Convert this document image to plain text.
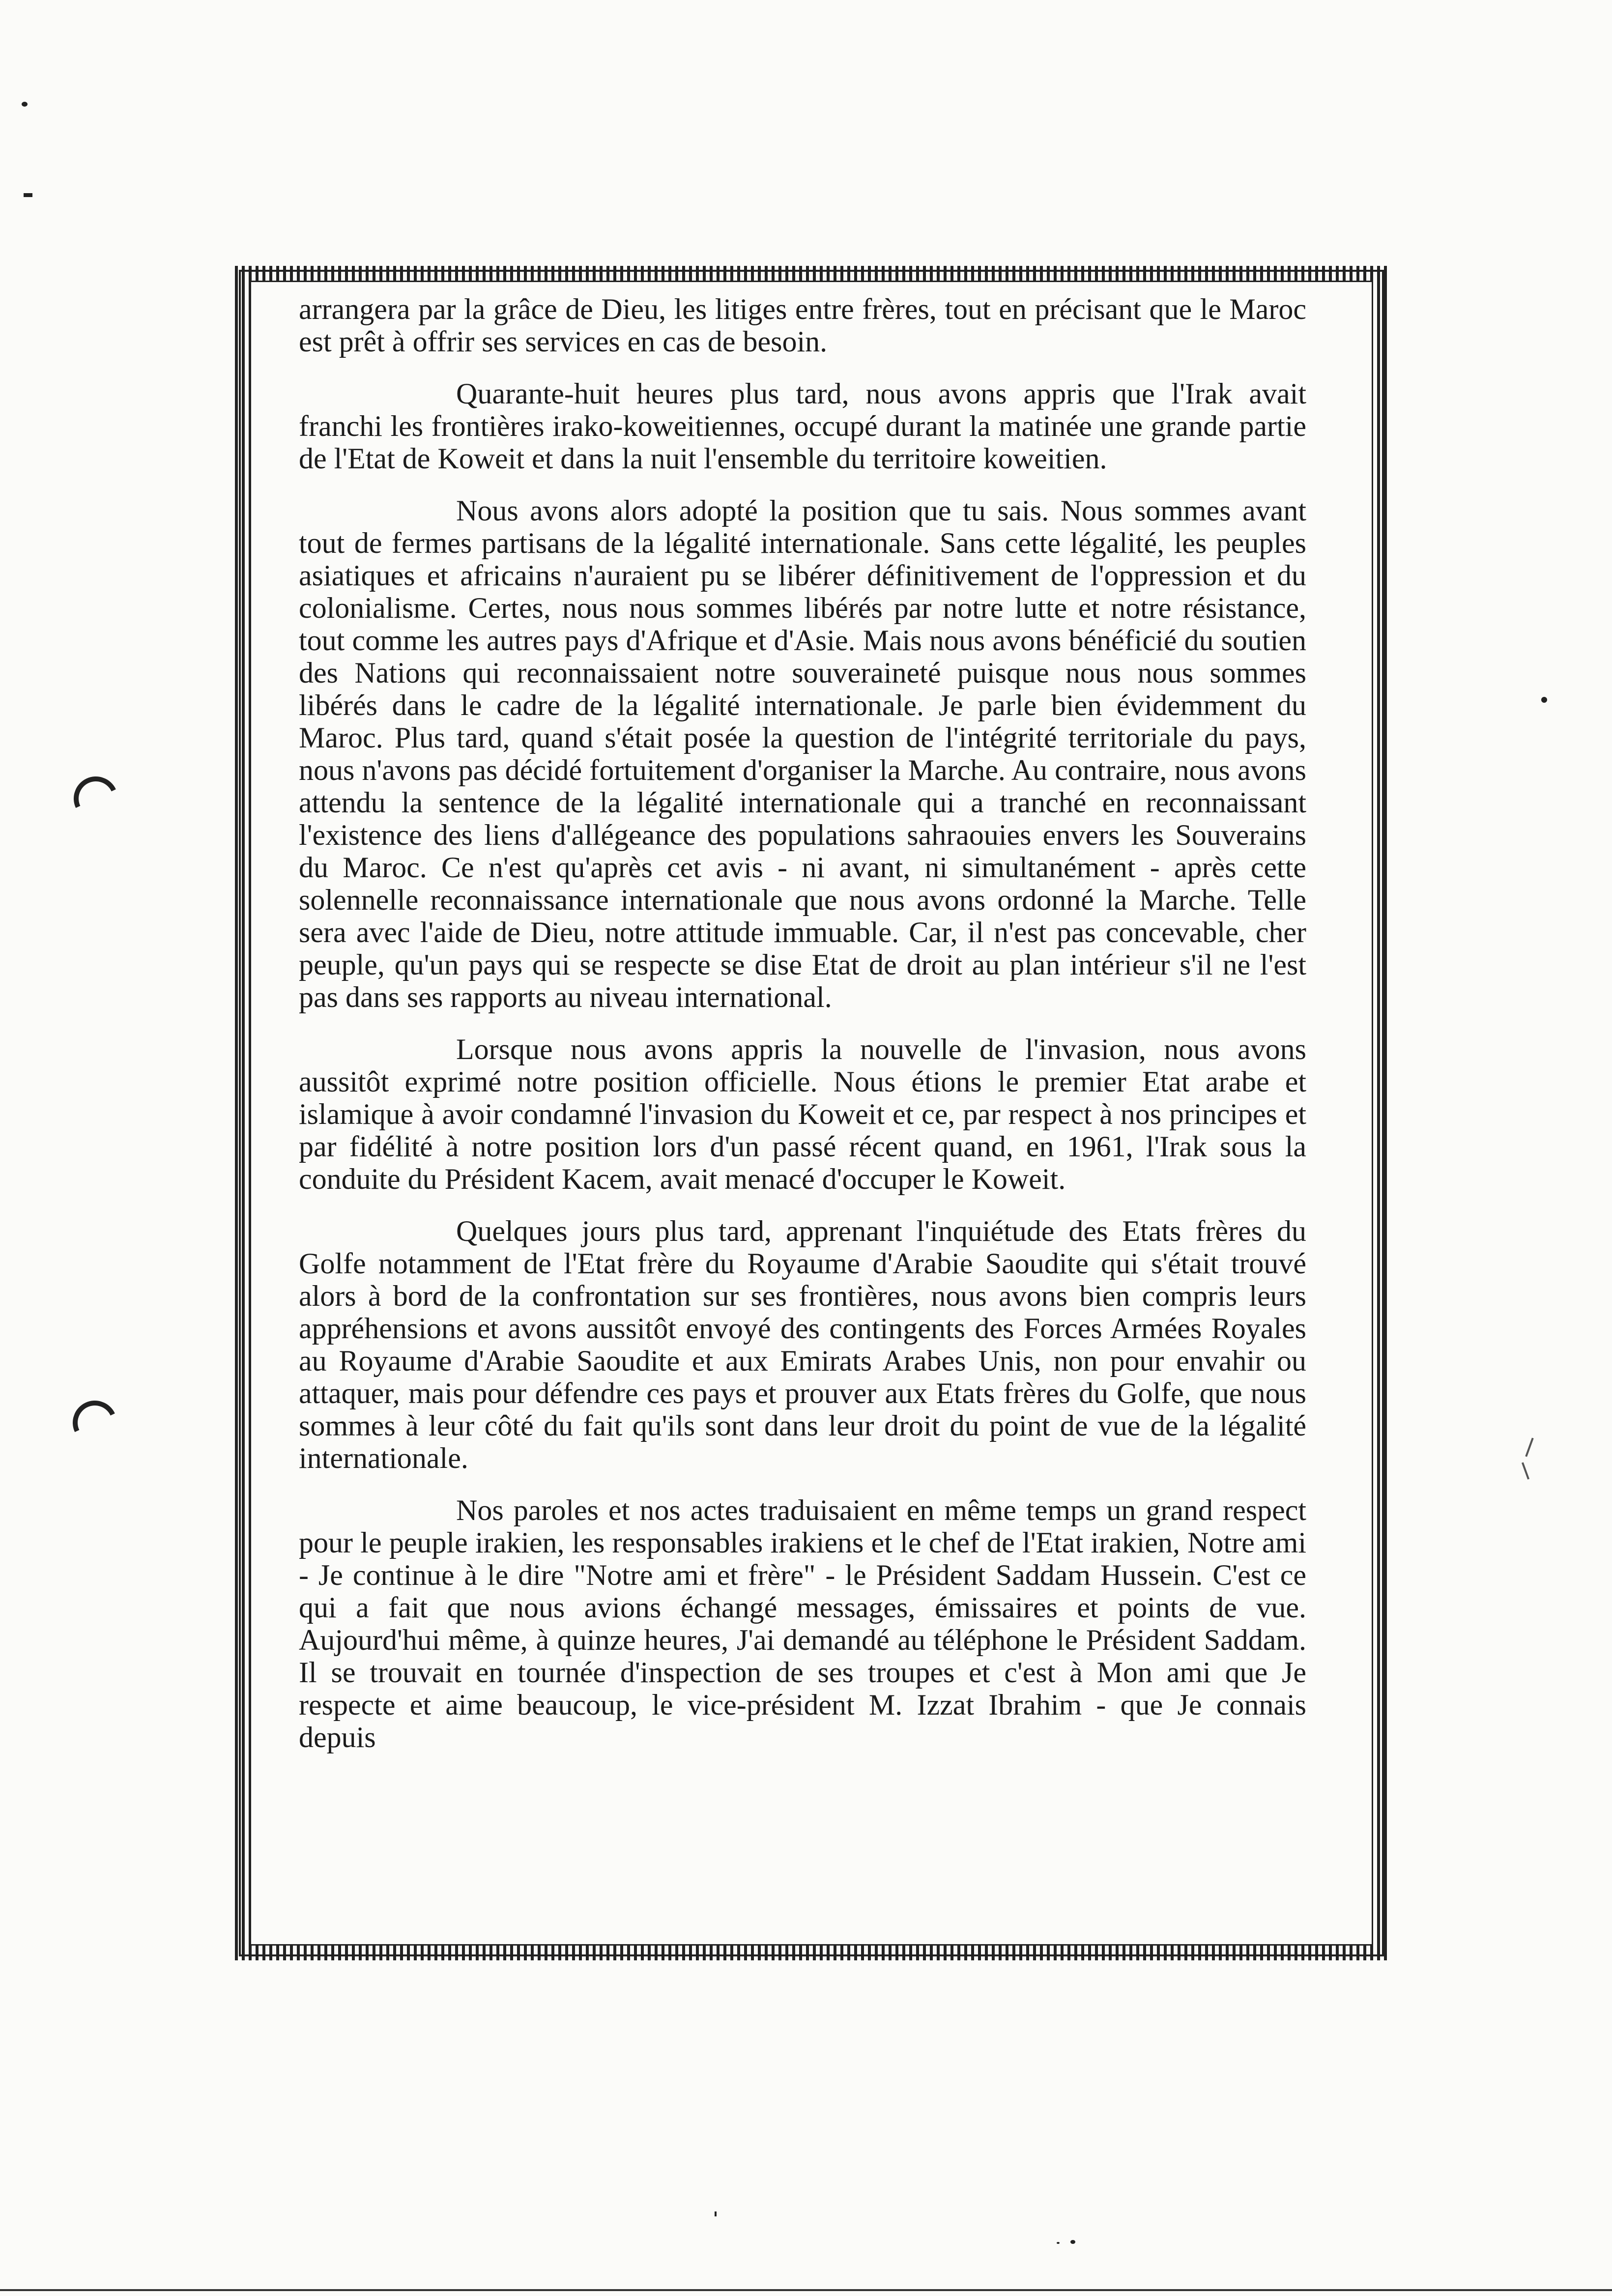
arrangera par la grâce de Dieu, les litiges entre frères, tout en précisant que le Maroc est prêt à offrir ses services en cas de besoin.

Quarante-huit heures plus tard, nous avons appris que l'Irak avait franchi les frontières irako-koweitiennes, occupé durant la matinée une grande partie de l'Etat de Koweit et dans la nuit l'ensemble du territoire koweitien.

Nous avons alors adopté la position que tu sais. Nous sommes avant tout de fermes partisans de la légalité internationale. Sans cette légalité, les peuples asiatiques et africains n'auraient pu se libérer définitivement de l'oppression et du colonialisme. Certes, nous nous sommes libérés par notre lutte et notre résistance, tout comme les autres pays d'Afrique et d'Asie. Mais nous avons bénéficié du soutien des Nations qui reconnaissaient notre souveraineté puisque nous nous sommes libérés dans le cadre de la légalité internationale. Je parle bien évidemment du Maroc. Plus tard, quand s'était posée la question de l'intégrité territoriale du pays, nous n'avons pas décidé fortuitement d'organiser la Marche. Au contraire, nous avons attendu la sentence de la légalité internationale qui a tranché en reconnaissant l'existence des liens d'allégeance des populations sahraouies envers les Souverains du Maroc. Ce n'est qu'après cet avis - ni avant, ni simultanément - après cette solennelle reconnaissance internationale que nous avons ordonné la Marche. Telle sera avec l'aide de Dieu, notre attitude immuable. Car, il n'est pas concevable, cher peuple, qu'un pays qui se respecte se dise Etat de droit au plan intérieur s'il ne l'est pas dans ses rapports au niveau international.

Lorsque nous avons appris la nouvelle de l'invasion, nous avons aussitôt exprimé notre position officielle. Nous étions le premier Etat arabe et islamique à avoir condamné l'invasion du Koweit et ce, par respect à nos principes et par fidélité à notre position lors d'un passé récent quand, en 1961, l'Irak sous la conduite du Président Kacem, avait menacé d'occuper le Koweit.

Quelques jours plus tard, apprenant l'inquiétude des Etats frères du Golfe notamment de l'Etat frère du Royaume d'Arabie Saoudite qui s'était trouvé alors à bord de la confrontation sur ses frontières, nous avons bien compris leurs appréhensions et avons aussitôt envoyé des contingents des Forces Armées Royales au Royaume d'Arabie Saoudite et aux Emirats Arabes Unis, non pour envahir ou attaquer, mais pour défendre ces pays et prouver aux Etats frères du Golfe, que nous sommes à leur côté du fait qu'ils sont dans leur droit du point de vue de la légalité internationale.

Nos paroles et nos actes traduisaient en même temps un grand respect pour le peuple irakien, les responsables irakiens et le chef de l'Etat irakien, Notre ami - Je continue à le dire "Notre ami et frère" - le Président Saddam Hussein. C'est ce qui a fait que nous avions échangé messages, émissaires et points de vue. Aujourd'hui même, à quinze heures, J'ai demandé au téléphone le Président Saddam. Il se trouvait en tournée d'inspection de ses troupes et c'est à Mon ami que Je respecte et aime beaucoup, le vice-président M. Izzat Ibrahim - que Je connais depuis
